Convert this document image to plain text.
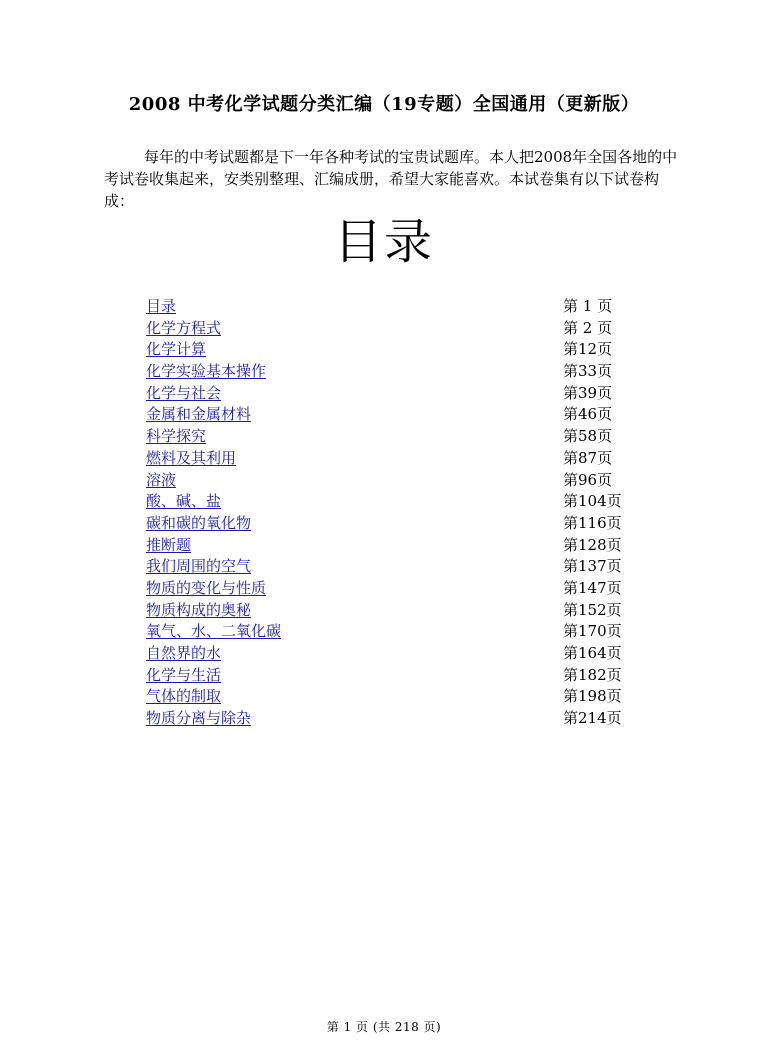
2008 中考化学试题分类汇编（19专题）全国通用（更新版）

每年的中考试题都是下一年各种考试的宝贵试题库。本人把2008年全国各地的中考试卷收集起来，安类别整理、汇编成册，希望大家能喜欢。本试卷集有以下试卷构成：

目录
目录	第 1 页
化学方程式	第 2 页
化学计算	第12页
化学实验基本操作	第33页
化学与社会	第39页
金属和金属材料	第46页
科学探究	第58页
燃料及其利用	第87页
溶液	第96页
酸、碱、盐	第104页
碳和碳的氧化物	第116页
推断题	第128页
我们周围的空气	第137页
物质的变化与性质	第147页
物质构成的奥秘	第152页
氧气、水、二氧化碳	第170页
自然界的水	第164页
化学与生活	第182页
气体的制取	第198页
物质分离与除杂	第214页
第 1 页 (共 218 页)
